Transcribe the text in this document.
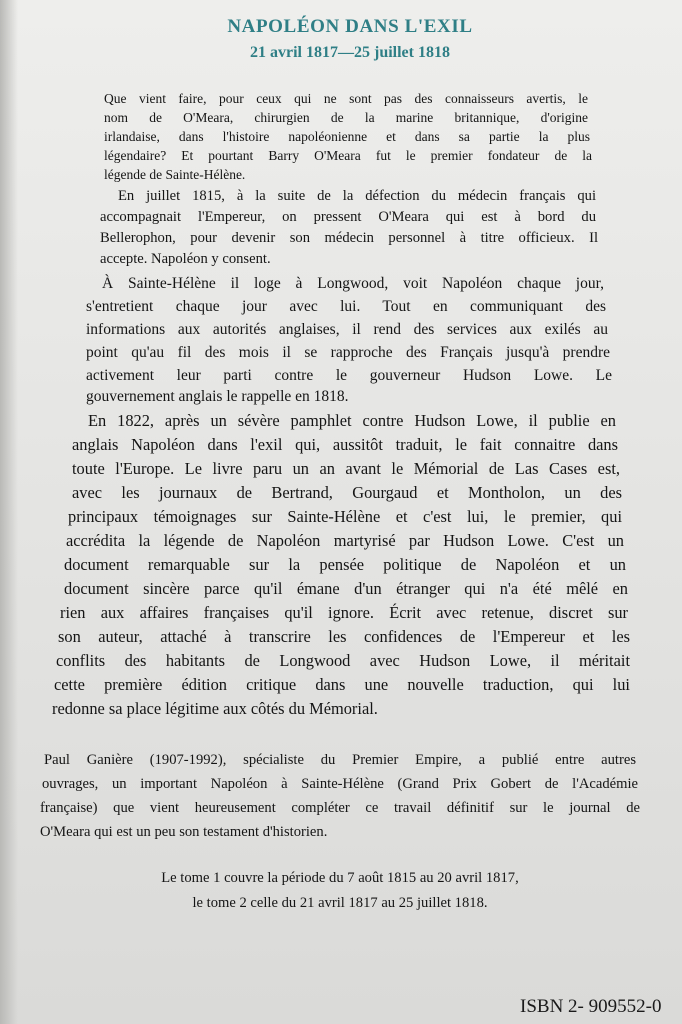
NAPOLÉON DANS L'EXIL
21 avril 1817—25 juillet 1818
Que vient faire, pour ceux qui ne sont pas des connaisseurs avertis, le
nom de O'Meara, chirurgien de la marine britannique, d'origine
irlandaise, dans l'histoire napoléonienne et dans sa partie la plus
légendaire? Et pourtant Barry O'Meara fut le premier fondateur de la
légende de Sainte-Hélène.
En juillet 1815, à la suite de la défection du médecin français qui
accompagnait l'Empereur, on pressent O'Meara qui est à bord du
Bellerophon, pour devenir son médecin personnel à titre officieux. Il
accepte. Napoléon y consent.
À Sainte-Hélène il loge à Longwood, voit Napoléon chaque jour,
s'entretient chaque jour avec lui. Tout en communiquant des
informations aux autorités anglaises, il rend des services aux exilés au
point qu'au fil des mois il se rapproche des Français jusqu'à prendre
activement leur parti contre le gouverneur Hudson Lowe. Le
gouvernement anglais le rappelle en 1818.
En 1822, après un sévère pamphlet contre Hudson Lowe, il publie en
anglais Napoléon dans l'exil qui, aussitôt traduit, le fait connaitre dans
toute l'Europe. Le livre paru un an avant le Mémorial de Las Cases est,
avec les journaux de Bertrand, Gourgaud et Montholon, un des
principaux témoignages sur Sainte-Hélène et c'est lui, le premier, qui
accrédita la légende de Napoléon martyrisé par Hudson Lowe. C'est un
document remarquable sur la pensée politique de Napoléon et un
document sincère parce qu'il émane d'un étranger qui n'a été mêlé en
rien aux affaires françaises qu'il ignore. Écrit avec retenue, discret sur
son auteur, attaché à transcrire les confidences de l'Empereur et les
conflits des habitants de Longwood avec Hudson Lowe, il méritait
cette première édition critique dans une nouvelle traduction, qui lui
redonne sa place légitime aux côtés du Mémorial.
Paul Ganière (1907-1992), spécialiste du Premier Empire, a publié entre autres
ouvrages, un important Napoléon à Sainte-Hélène (Grand Prix Gobert de l'Académie
française) que vient heureusement compléter ce travail définitif sur le journal de
O'Meara qui est un peu son testament d'historien.
Le tome 1 couvre la période du 7 août 1815 au 20 avril 1817,
le tome 2 celle du 21 avril 1817 au 25 juillet 1818.
ISBN 2- 909552-0
